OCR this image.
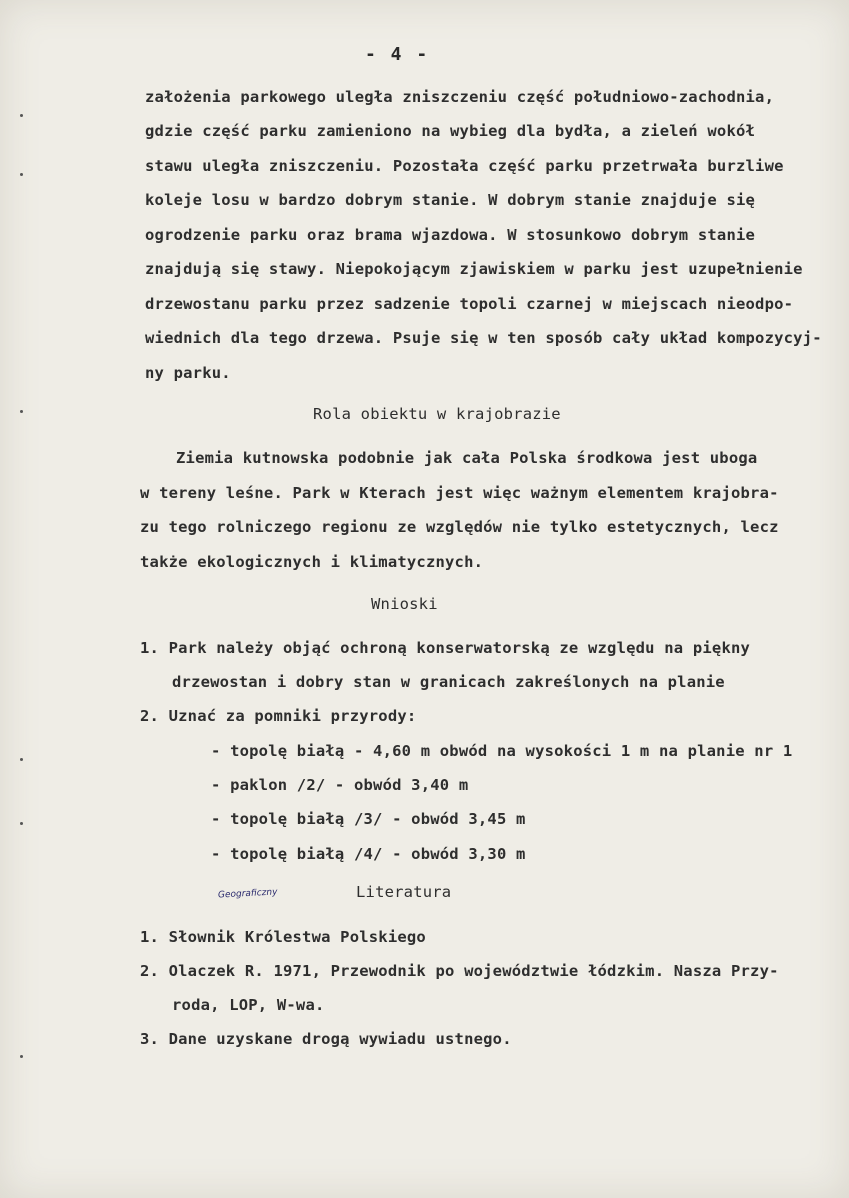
- 4 -
założenia parkowego uległa zniszczeniu część południowo-zachodnia,
gdzie część parku zamieniono na wybieg dla bydła, a zieleń wokół
stawu uległa zniszczeniu. Pozostała część parku przetrwała burzliwe
koleje losu w bardzo dobrym stanie. W dobrym stanie znajduje się
ogrodzenie parku oraz brama wjazdowa. W stosunkowo dobrym stanie
znajdują się stawy. Niepokojącym zjawiskiem w parku jest uzupełnienie
drzewostanu parku przez sadzenie topoli czarnej w miejscach nieodpo-
wiednich dla tego drzewa. Psuje się w ten sposób cały układ kompozycyj-
ny parku.
Rola obiektu w krajobrazie
Ziemia kutnowska podobnie jak cała Polska środkowa jest uboga
w tereny leśne. Park w Kterach jest więc ważnym elementem krajobra-
zu tego rolniczego regionu ze względów nie tylko estetycznych, lecz
także ekologicznych i klimatycznych.
Wnioski
1. Park należy objąć ochroną konserwatorską ze względu na piękny
drzewostan i dobry stan w granicach zakreślonych na planie
2. Uznać za pomniki przyrody:
- topolę białą - 4,60 m obwód na wysokości 1 m na planie nr 1
- paklon /2/ - obwód 3,40 m
- topolę białą /3/ - obwód 3,45 m
- topolę białą /4/ - obwód 3,30 m
Literatura
Geograficzny
1. Słownik Królestwa Polskiego
2. Olaczek R. 1971, Przewodnik po województwie łódzkim. Nasza Przy-
roda, LOP, W-wa.
3. Dane uzyskane drogą wywiadu ustnego.
